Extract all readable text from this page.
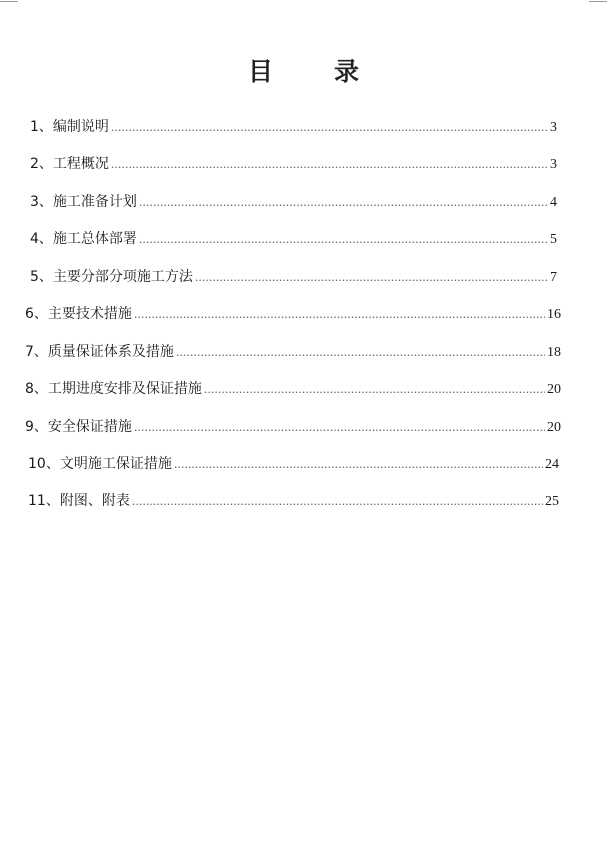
目　录
1、编制说明 .....	3
2、工程概况 .....	3
3、施工准备计划 .....	4
4、施工总体部署 .....	5
5、主要分部分项施工方法 .....	7
6、主要技术措施 .....	16
7、质量保证体系及措施 .....	18
8、工期进度安排及保证措施 .....	20
9、安全保证措施 .....	20
10、文明施工保证措施 .....	24
11、附图、附表 .....	25
